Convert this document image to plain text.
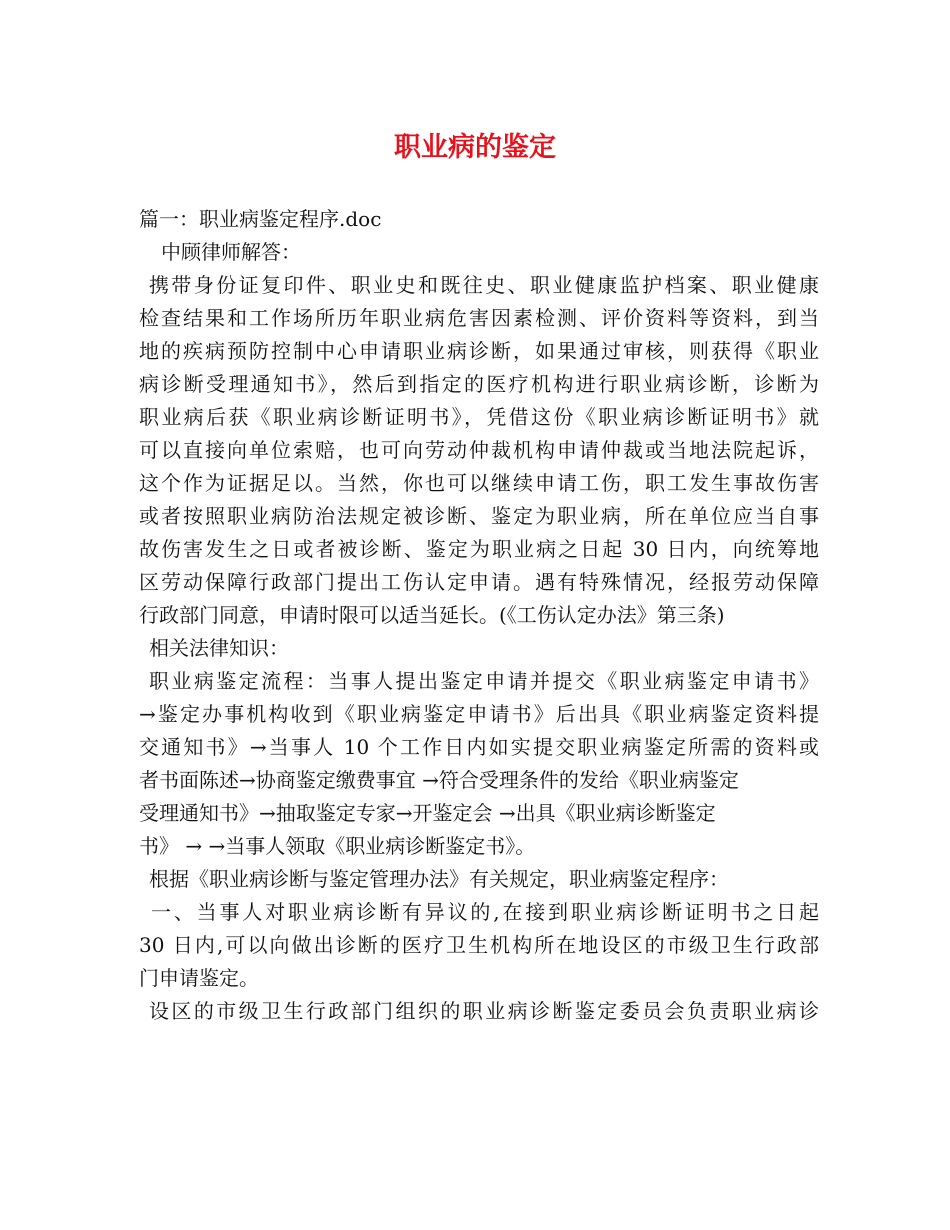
职业病的鉴定
篇一：职业病鉴定程序.doc
中顾律师解答：
携带身份证复印件、职业史和既往史、职业健康监护档案、职业健康
检查结果和工作场所历年职业病危害因素检测、评价资料等资料，到当
地的疾病预防控制中心申请职业病诊断，如果通过审核，则获得《职业
病诊断受理通知书》，然后到指定的医疗机构进行职业病诊断，诊断为
职业病后获《职业病诊断证明书》，凭借这份《职业病诊断证明书》就
可以直接向单位索赔，也可向劳动仲裁机构申请仲裁或当地法院起诉，
这个作为证据足以。当然，你也可以继续申请工伤，职工发生事故伤害
或者按照职业病防治法规定被诊断、鉴定为职业病，所在单位应当自事
故伤害发生之日或者被诊断、鉴定为职业病之日起 30 日内，向统筹地
区劳动保障行政部门提出工伤认定申请。遇有特殊情况，经报劳动保障
行政部门同意，申请时限可以适当延长。(《工伤认定办法》第三条)
相关法律知识：
职业病鉴定流程：当事人提出鉴定申请并提交《职业病鉴定申请书》
→鉴定办事机构收到《职业病鉴定申请书》后出具《职业病鉴定资料提
交通知书》→当事人 10 个工作日内如实提交职业病鉴定所需的资料或
者书面陈述→协商鉴定缴费事宜 →符合受理条件的发给《职业病鉴定
受理通知书》→抽取鉴定专家→开鉴定会 →出具《职业病诊断鉴定
书》 → →当事人领取《职业病诊断鉴定书》。
根据《职业病诊断与鉴定管理办法》有关规定，职业病鉴定程序：
一、当事人对职业病诊断有异议的,在接到职业病诊断证明书之日起
30 日内,可以向做出诊断的医疗卫生机构所在地设区的市级卫生行政部
门申请鉴定。
设区的市级卫生行政部门组织的职业病诊断鉴定委员会负责职业病诊
